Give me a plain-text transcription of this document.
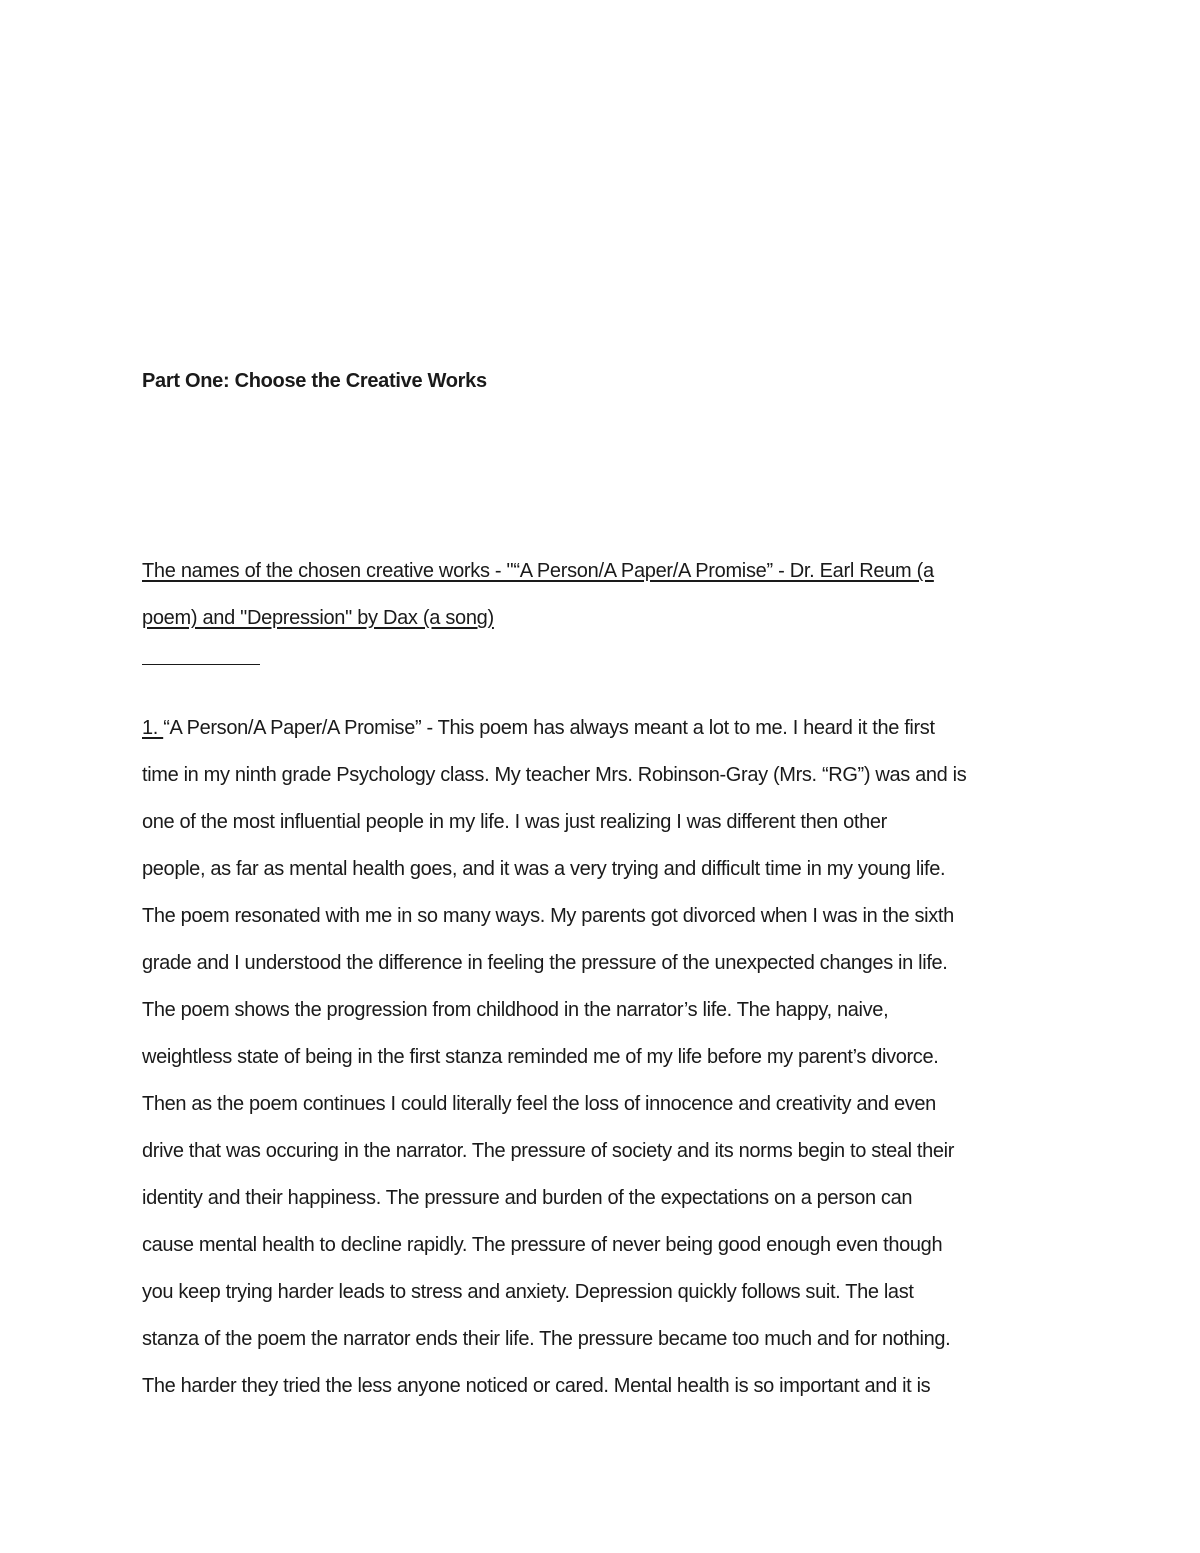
Part One: Choose the Creative Works
The names of the chosen creative works - "“A Person/A Paper/A Promise” - Dr. Earl Reum (a
poem) and "Depression" by Dax (a song)
1. “A Person/A Paper/A Promise” - This poem has always meant a lot to me. I heard it the first
time in my ninth grade Psychology class. My teacher Mrs. Robinson-Gray (Mrs. “RG”) was and is
one of the most influential people in my life. I was just realizing I was different then other
people, as far as mental health goes, and it was a very trying and difficult time in my young life.
The poem resonated with me in so many ways. My parents got divorced when I was in the sixth
grade and I understood the difference in feeling the pressure of the unexpected changes in life.
The poem shows the progression from childhood in the narrator’s life. The happy, naive,
weightless state of being in the first stanza reminded me of my life before my parent’s divorce.
Then as the poem continues I could literally feel the loss of innocence and creativity and even
drive that was occuring in the narrator. The pressure of society and its norms begin to steal their
identity and their happiness. The pressure and burden of the expectations on a person can
cause mental health to decline rapidly. The pressure of never being good enough even though
you keep trying harder leads to stress and anxiety. Depression quickly follows suit. The last
stanza of the poem the narrator ends their life. The pressure became too much and for nothing.
The harder they tried the less anyone noticed or cared. Mental health is so important and it is
